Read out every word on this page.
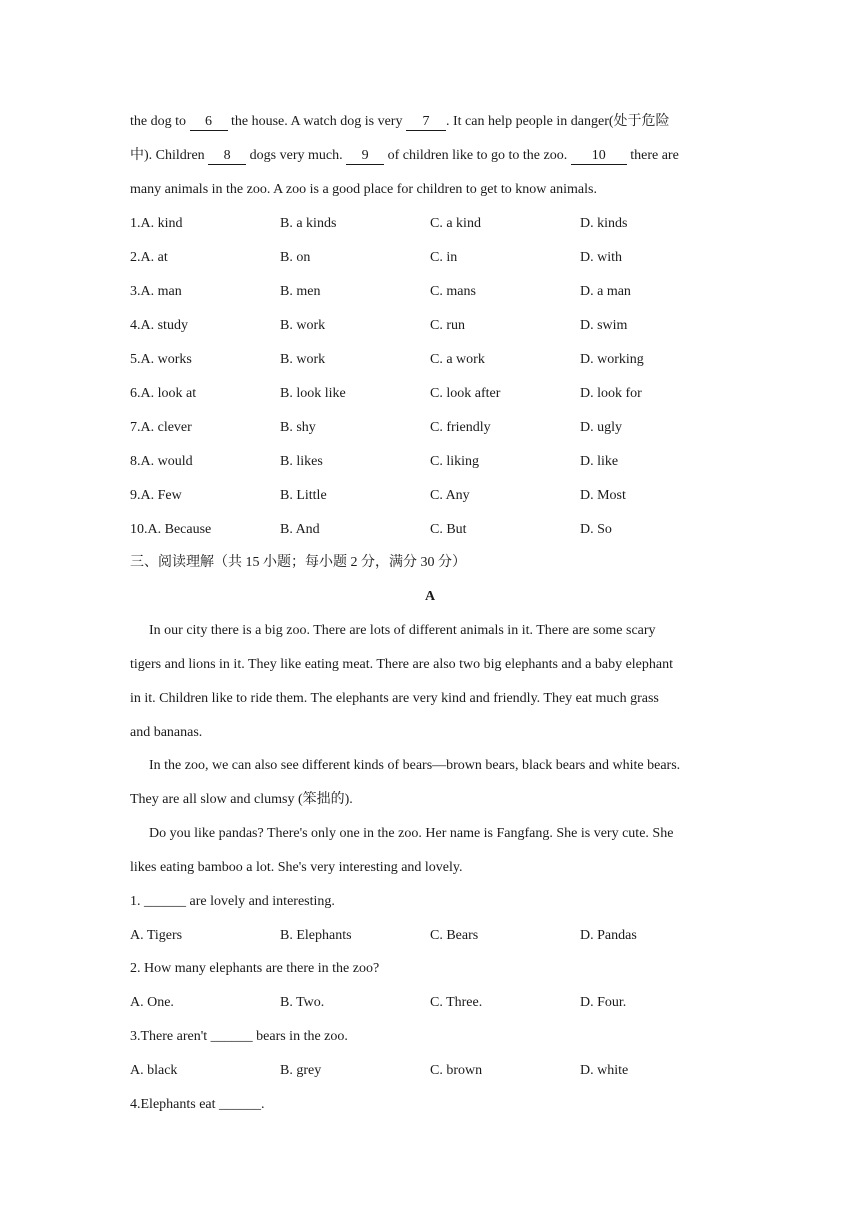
the dog to 6 the house. A watch dog is very 7 . It can help people in danger(处于危险
中). Children 8 dogs very much. 9 of children like to go to the zoo. 10 there are
many animals in the zoo. A zoo is a good place for children to get to know animals.
1.A. kind	B. a kinds	C. a kind	D. kinds
2.A. at	B. on	C. in	D. with
3.A. man	B. men	C. mans	D. a man
4.A. study	B. work	C. run	D. swim
5.A. works	B. work	C. a work	D. working
6.A. look at	B. look like	C. look after	D. look for
7.A. clever	B. shy	C. friendly	D. ugly
8.A. would	B. likes	C. liking	D. like
9.A. Few	B. Little	C. Any	D. Most
10.A. Because	B. And	C. But	D. So
三、阅读理解（共 15 小题；每小题 2 分，满分 30 分）
A
In our city there is a big zoo. There are lots of different animals in it. There are some scary
tigers and lions in it. They like eating meat. There are also two big elephants and a baby elephant
in it. Children like to ride them. The elephants are very kind and friendly. They eat much grass
and bananas.
In the zoo, we can also see different kinds of bears—brown bears, black bears and white bears.
They are all slow and clumsy (笨拙的).
Do you like pandas? There's only one in the zoo. Her name is Fangfang. She is very cute. She
likes eating bamboo a lot. She's very interesting and lovely.
1. ______ are lovely and interesting.
A. Tigers	B. Elephants	C. Bears	D. Pandas
2. How many elephants are there in the zoo?
A. One.	B. Two.	C. Three.	D. Four.
3.There aren't ______ bears in the zoo.
A. black	B. grey	C. brown	D. white
4.Elephants eat ______.
